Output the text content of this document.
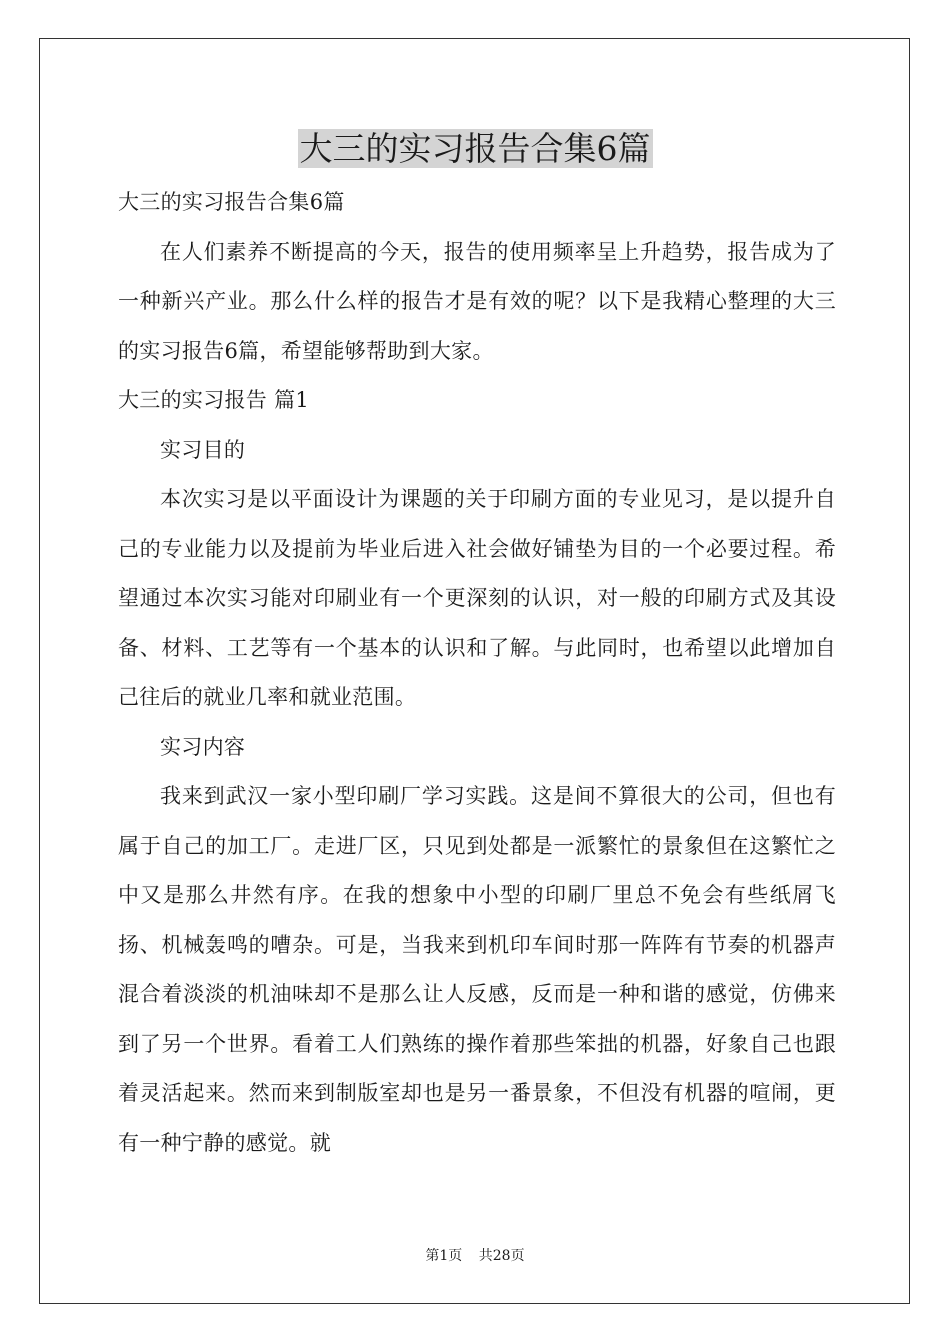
大三的实习报告合集6篇

大三的实习报告合集6篇

在人们素养不断提高的今天，报告的使用频率呈上升趋势，报告成为了一种新兴产业。那么什么样的报告才是有效的呢？以下是我精心整理的大三的实习报告6篇，希望能够帮助到大家。

大三的实习报告 篇1

实习目的

本次实习是以平面设计为课题的关于印刷方面的专业见习，是以提升自己的专业能力以及提前为毕业后进入社会做好铺垫为目的一个必要过程。希望通过本次实习能对印刷业有一个更深刻的认识，对一般的印刷方式及其设备、材料、工艺等有一个基本的认识和了解。与此同时，也希望以此增加自己往后的就业几率和就业范围。

实习内容

我来到武汉一家小型印刷厂学习实践。这是间不算很大的公司，但也有属于自己的加工厂。走进厂区，只见到处都是一派繁忙的景象但在这繁忙之中又是那么井然有序。在我的想象中小型的印刷厂里总不免会有些纸屑飞扬、机械轰鸣的嘈杂。可是，当我来到机印车间时那一阵阵有节奏的机器声混合着淡淡的机油味却不是那么让人反感，反而是一种和谐的感觉，仿佛来到了另一个世界。看着工人们熟练的操作着那些笨拙的机器，好象自己也跟着灵活起来。然而来到制版室却也是另一番景象，不但没有机器的喧闹，更有一种宁静的感觉。就

第1页 共28页
